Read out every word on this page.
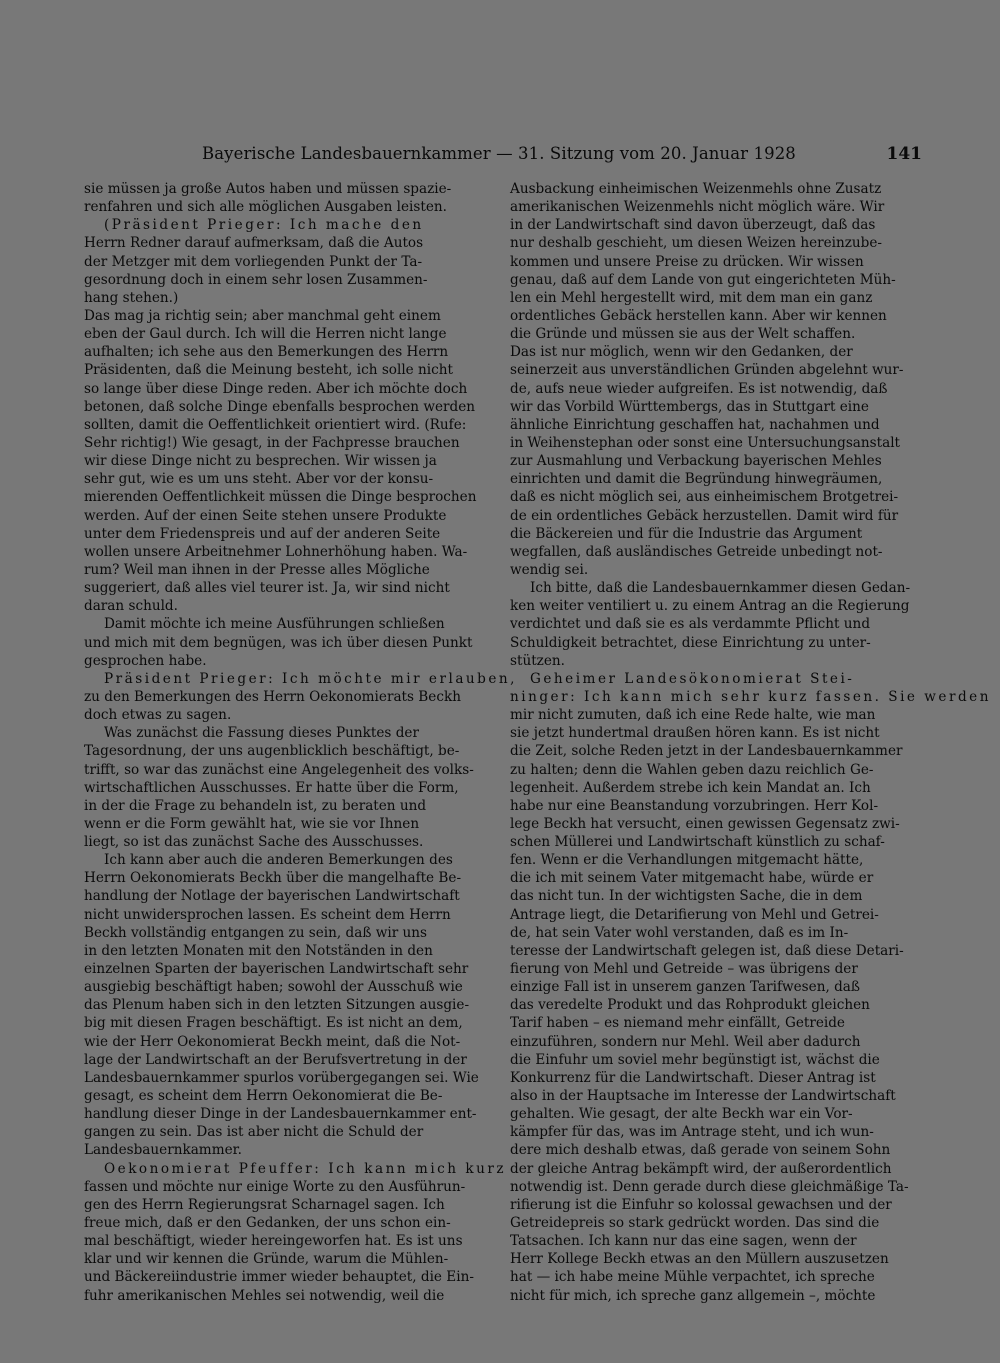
Bayerische Landesbauernkammer — 31. Sitzung vom 20. Januar 1928	141
sie müssen ja große Autos haben und müssen spazie-
renfahren und sich alle möglichen Ausgaben leisten.
(Präsident Prieger: Ich mache den
Herrn Redner darauf aufmerksam, daß die Autos
der Metzger mit dem vorliegenden Punkt der Ta-
gesordnung doch in einem sehr losen Zusammen-
hang stehen.)
Das mag ja richtig sein; aber manchmal geht einem
eben der Gaul durch. Ich will die Herren nicht lange
aufhalten; ich sehe aus den Bemerkungen des Herrn
Präsidenten, daß die Meinung besteht, ich solle nicht
so lange über diese Dinge reden. Aber ich möchte doch
betonen, daß solche Dinge ebenfalls besprochen werden
sollten, damit die Oeffentlichkeit orientiert wird. (Rufe:
Sehr richtig!) Wie gesagt, in der Fachpresse brauchen
wir diese Dinge nicht zu besprechen. Wir wissen ja
sehr gut, wie es um uns steht. Aber vor der konsu-
mierenden Oeffentlichkeit müssen die Dinge besprochen
werden. Auf der einen Seite stehen unsere Produkte
unter dem Friedenspreis und auf der anderen Seite
wollen unsere Arbeitnehmer Lohnerhöhung haben. Wa-
rum? Weil man ihnen in der Presse alles Mögliche
suggeriert, daß alles viel teurer ist. Ja, wir sind nicht
daran schuld.
Damit möchte ich meine Ausführungen schließen
und mich mit dem begnügen, was ich über diesen Punkt
gesprochen habe.
Präsident Prieger: Ich möchte mir erlauben,
zu den Bemerkungen des Herrn Oekonomierats Beckh
doch etwas zu sagen.
Was zunächst die Fassung dieses Punktes der
Tagesordnung, der uns augenblicklich beschäftigt, be-
trifft, so war das zunächst eine Angelegenheit des volks-
wirtschaftlichen Ausschusses. Er hatte über die Form,
in der die Frage zu behandeln ist, zu beraten und
wenn er die Form gewählt hat, wie sie vor Ihnen
liegt, so ist das zunächst Sache des Ausschusses.
Ich kann aber auch die anderen Bemerkungen des
Herrn Oekonomierats Beckh über die mangelhafte Be-
handlung der Notlage der bayerischen Landwirtschaft
nicht unwidersprochen lassen. Es scheint dem Herrn
Beckh vollständig entgangen zu sein, daß wir uns
in den letzten Monaten mit den Notständen in den
einzelnen Sparten der bayerischen Landwirtschaft sehr
ausgiebig beschäftigt haben; sowohl der Ausschuß wie
das Plenum haben sich in den letzten Sitzungen ausgie-
big mit diesen Fragen beschäftigt. Es ist nicht an dem,
wie der Herr Oekonomierat Beckh meint, daß die Not-
lage der Landwirtschaft an der Berufsvertretung in der
Landesbauernkammer spurlos vorübergegangen sei. Wie
gesagt, es scheint dem Herrn Oekonomierat die Be-
handlung dieser Dinge in der Landesbauernkammer ent-
gangen zu sein. Das ist aber nicht die Schuld der
Landesbauernkammer.
Oekonomierat Pfeuffer: Ich kann mich kurz
fassen und möchte nur einige Worte zu den Ausführun-
gen des Herrn Regierungsrat Scharnagel sagen. Ich
freue mich, daß er den Gedanken, der uns schon ein-
mal beschäftigt, wieder hereingeworfen hat. Es ist uns
klar und wir kennen die Gründe, warum die Mühlen-
und Bäckereiindustrie immer wieder behauptet, die Ein-
fuhr amerikanischen Mehles sei notwendig, weil die
Ausbackung einheimischen Weizenmehls ohne Zusatz
amerikanischen Weizenmehls nicht möglich wäre. Wir
in der Landwirtschaft sind davon überzeugt, daß das
nur deshalb geschieht, um diesen Weizen hereinzube-
kommen und unsere Preise zu drücken. Wir wissen
genau, daß auf dem Lande von gut eingerichteten Müh-
len ein Mehl hergestellt wird, mit dem man ein ganz
ordentliches Gebäck herstellen kann. Aber wir kennen
die Gründe und müssen sie aus der Welt schaffen.
Das ist nur möglich, wenn wir den Gedanken, der
seinerzeit aus unverständlichen Gründen abgelehnt wur-
de, aufs neue wieder aufgreifen. Es ist notwendig, daß
wir das Vorbild Württembergs, das in Stuttgart eine
ähnliche Einrichtung geschaffen hat, nachahmen und
in Weihenstephan oder sonst eine Untersuchungsanstalt
zur Ausmahlung und Verbackung bayerischen Mehles
einrichten und damit die Begründung hinwegräumen,
daß es nicht möglich sei, aus einheimischem Brotgetrei-
de ein ordentliches Gebäck herzustellen. Damit wird für
die Bäckereien und für die Industrie das Argument
wegfallen, daß ausländisches Getreide unbedingt not-
wendig sei.
Ich bitte, daß die Landesbauernkammer diesen Gedan-
ken weiter ventiliert u. zu einem Antrag an die Regierung
verdichtet und daß sie es als verdammte Pflicht und
Schuldigkeit betrachtet, diese Einrichtung zu unter-
stützen.
Geheimer Landesökonomierat Stei-
ninger: Ich kann mich sehr kurz fassen. Sie werden
mir nicht zumuten, daß ich eine Rede halte, wie man
sie jetzt hundertmal draußen hören kann. Es ist nicht
die Zeit, solche Reden jetzt in der Landesbauernkammer
zu halten; denn die Wahlen geben dazu reichlich Ge-
legenheit. Außerdem strebe ich kein Mandat an. Ich
habe nur eine Beanstandung vorzubringen. Herr Kol-
lege Beckh hat versucht, einen gewissen Gegensatz zwi-
schen Müllerei und Landwirtschaft künstlich zu schaf-
fen. Wenn er die Verhandlungen mitgemacht hätte,
die ich mit seinem Vater mitgemacht habe, würde er
das nicht tun. In der wichtigsten Sache, die in dem
Antrage liegt, die Detarifierung von Mehl und Getrei-
de, hat sein Vater wohl verstanden, daß es im In-
teresse der Landwirtschaft gelegen ist, daß diese Detari-
fierung von Mehl und Getreide – was übrigens der
einzige Fall ist in unserem ganzen Tarifwesen, daß
das veredelte Produkt und das Rohprodukt gleichen
Tarif haben – es niemand mehr einfällt, Getreide
einzuführen, sondern nur Mehl. Weil aber dadurch
die Einfuhr um soviel mehr begünstigt ist, wächst die
Konkurrenz für die Landwirtschaft. Dieser Antrag ist
also in der Hauptsache im Interesse der Landwirtschaft
gehalten. Wie gesagt, der alte Beckh war ein Vor-
kämpfer für das, was im Antrage steht, und ich wun-
dere mich deshalb etwas, daß gerade von seinem Sohn
der gleiche Antrag bekämpft wird, der außerordentlich
notwendig ist. Denn gerade durch diese gleichmäßige Ta-
rifierung ist die Einfuhr so kolossal gewachsen und der
Getreidepreis so stark gedrückt worden. Das sind die
Tatsachen. Ich kann nur das eine sagen, wenn der
Herr Kollege Beckh etwas an den Müllern auszusetzen
hat — ich habe meine Mühle verpachtet, ich spreche
nicht für mich, ich spreche ganz allgemein –, möchte
